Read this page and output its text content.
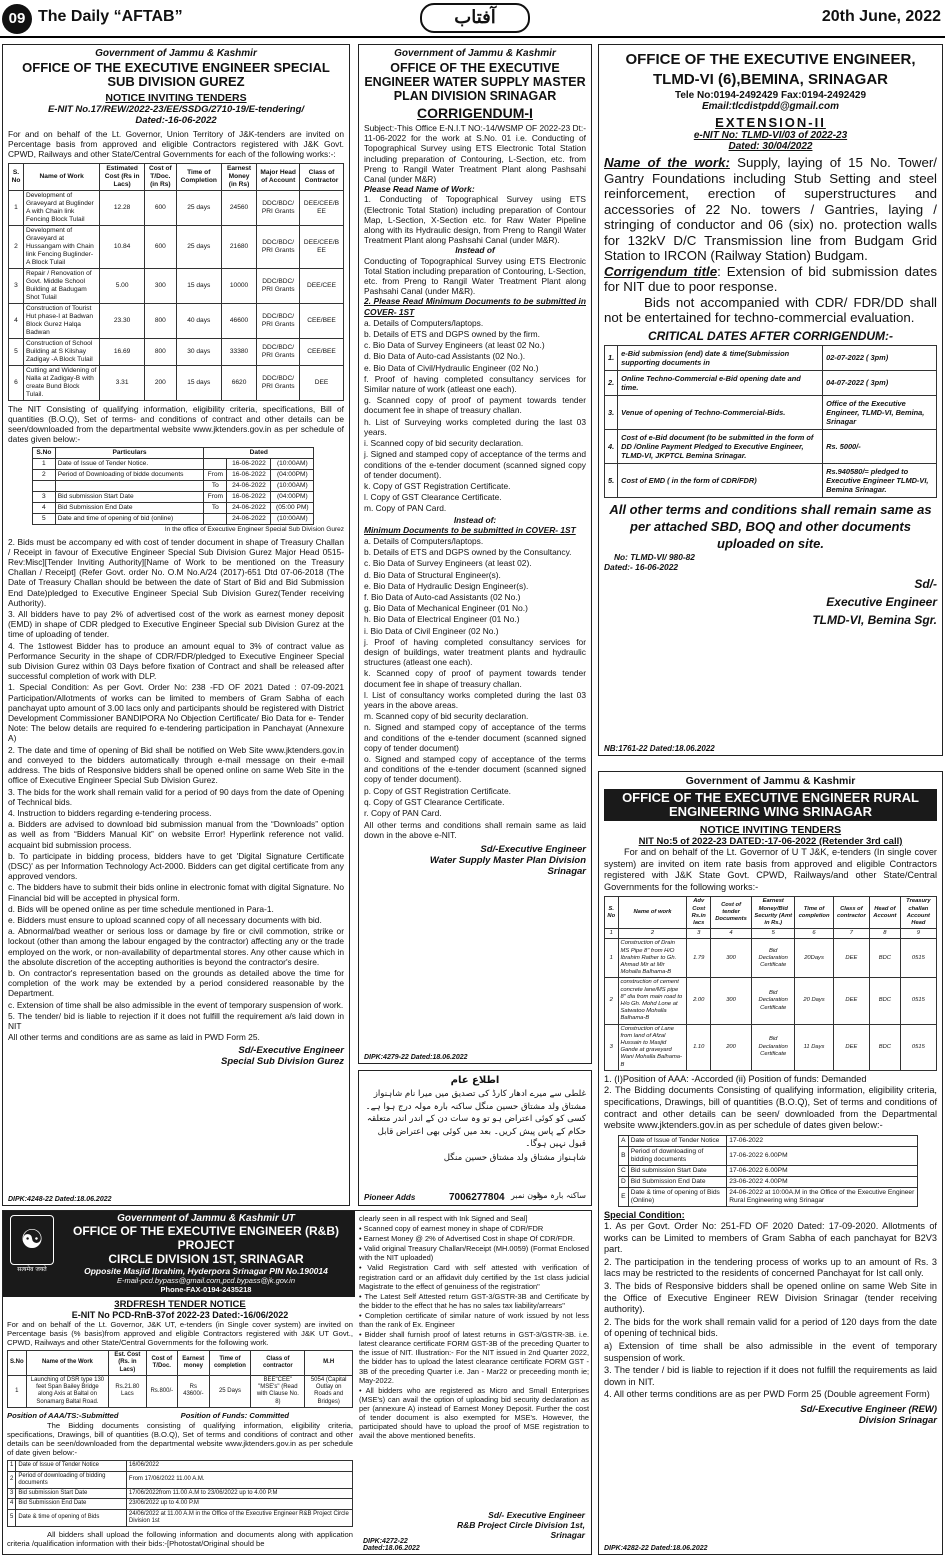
09 The Daily “AFTAB”	آفتاب	20th June, 2022
Government of Jammu & Kashmir
OFFICE OF THE EXECUTIVE ENGINEER SPECIAL SUB DIVISION GUREZ
NOTICE INVITING TENDERS
E-NIT No.17/REW/2022-23/EE/SSDG/2710-19/E-tendering/
Dated:-16-06-2022
For and on behalf of the Lt. Governor, Union Territory of J&K-tenders are invited on Percentage basis from approved and eligible Contractors registered with J&K Govt. CPWD, Railways and other State/Central Governments for each of the following works:-:
S. No	Name of Work	Estimated Cost (Rs in Lacs)	Cost of T/Doc. (in Rs)	Time of Completion	Earnest Money (in Rs)	Major Head of Account	Class of Contractor
1	Development of Graveyard at Buglinder A with Chain link Fencing Block Tulail	12.28	600	25 days	24560	DDC/BDC/ PRI Grants	DEE/CEE/B EE
2	Development of Graveyard at Hussangam with Chain link Fencing Buglinder-A Block Tulail	10.84	600	25 days	21680	DDC/BDC/ PRI Grants	DEE/CEE/B EE
3	Repair / Renovation of Govt. Middle School Building at Badugam Shot Tulail	5.00	300	15 days	10000	DDC/BDC/ PRI Grants	DEE/CEE
4	Construction of Tourist Hut phase-I at Badwan Block Gurez Halqa Badwan	23.30	800	40 days	46600	DDC/BDC/ PRI Grants	CEE/BEE
5	Construction of School Building at S Kilshay Zadigay -A Block Tulail	16.69	800	30 days	33380	DDC/BDC/ PRI Grants	CEE/BEE
6	Cutting and Widening of Nalla at Zadigay-B with create Bund Block Tulail.	3.31	200	15 days	6620	DDC/BDC/ PRI Grants	DEE
The NIT Consisting of qualifying information, eligibility criteria, specifications, Bill of quantities (B.O.Q), Set of terms- and conditions of contract and other details can be seen/downloaded from the departmental website www.jktenders.gov.in as per schedule of dates given below:-
S.No	Particulars	Dated		
1	Date of Issue of Tender Notice.		16-06-2022	(10:00AM)
2	Period of Downloading of bidde documents	From	16-06-2022	(04:00PM)
		To	24-06-2022	(10:00AM)
3	Bid submission Start Date	From	16-06-2022	(04:00PM)
4	Bid Submission End Date	To	24-06-2022	(05:00 PM)
5	Date and time of opening of bid (online)		24-06-2022	(10:00AM)
In the office of Executive Engineer Special Sub Division Gurez

2. Bids must be accompany ed with cost of tender document in shape of Treasury Challan / Receipt in favour of Executive Engineer Special Sub Division Gurez Major Head 0515-Rev:Misc][Tender Inviting Authority][Name of Work to be mentioned on the Treasury Challan / Receipt] (Refer Govt. order No. O.M No.A/24 (2017)-651 Dtd 07-06-2018 (The Date of Treasury Challan should be between the date of Start of Bid and Bid Submission End Date)pledged to Executive Engineer Special Sub Division Gurez(Tender receiving Authority).

3. All bidders have to pay 2% of advertised cost of the work as earnest money deposit (EMD) in shape of CDR pledged to Executive Engineer Special sub Division Gurez at the time of uploading of tender.

4. The 1stlowest Bidder has to produce an amount equal to 3% of contract value as Performance Security in the shape of CDR/FDR/pledged to Executive Engineer Special sub Division Gurez within 03 Days before fixation of Contract and shall be released after successful completion of work with DLP.

1. Special Condition: As per Govt. Order No: 238 -FD OF 2021 Dated : 07-09-2021 Participation/Allotments of works can be limited to members of Gram Sabha of each panchayat upto amount of 3.00 lacs only and participants should be registered with District Development Commissioner BANDIPORA No Objection Certificate/ Bio Data for e- Tender Note: The below details are required fo e-tendering participation in Panchayat (Annexure A)

2. The date and time of opening of Bid shall be notified on Web Site www.jktenders.gov.in and conveyed to the bidders automatically through e-mail message on their e-mail address. The bids of Responsive bidders shall be opened online on same Web Site in the office of Executive Engineer Special Sub Division Gurez.

3. The bids for the work shall remain valid for a period of 90 days from the date of Opening of Technical bids.

4. Instruction to bidders regarding e-tendering process.

a. Bidders are advised to download bid submission manual from the “Downloads” option as well as from “Bidders Manual Kit” on website Error! Hyperlink reference not valid. acquaint bid submission process.

b. To participate in bidding process, bidders have to get 'Digital Signature Certificate (DSC)' as per Information Technology Act-2000. Bidders can get digital certificate from any approved vendors.

c. The bidders have to submit their bids online in electronic fomat with digital Signature. No Financial bid will be accepted in physical form.

d. Bids will be opened online as per time schedule mentioned in Para-1.

e. Bidders must ensure to upload scanned copy of all necessary documents with bid.

a. Abnormal/bad weather or serious loss or damage by fire or civil commotion, strike or lockout (other than among the labour engaged by the contractor) affecting any or the trade employed on the work, or non-availability of departmental stores. Any other cause which in the absolute discretion of the accepting authorities is beyond the contractor's desire.

b. On contractor's representation based on the grounds as detailed above the time for completion of the work may be extended by a period considered reasonable by the Department.

c. Extension of time shall be also admissible in the event of temporary suspension of work.

5. The tender/ bid is liable to rejection if it does not fulfill the requirement a/s laid down in NIT

All other terms and conditions are as same as laid in PWD Form 25.

Sd/-Executive Engineer
Special Sub Division Gurez
DIPK:4248-22 Dated:18.06.2022
Government of Jammu & Kashmir
OFFICE OF THE EXECUTIVE ENGINEER WATER SUPPLY MASTER PLAN DIVISION SRINAGAR
CORRIGENDUM-I
Subject:-This Office E-N.I.T NO:-14/WSMP OF 2022-23 Dt:- 11-06-2022 for the work at S.No. 01 i.e. Conducting of Topographical Survey using ETS Electronic Total Station including preparation of Contouring, L-Section, etc. from Preng to Rangil Water Treatment Plant along Pashsahi Canal (under M&R)
Please Read Name of Work:
1. Conducting of Topographical Survey using ETS (Electronic Total Station) including preparation of Contour Map, L-Section, X-Section etc. for Raw Water Pipeline along with its Hydraulic design, from Preng to Rangil Water Treatment Plant along Pashsahi Canal (under M&R).
Instead of
Conducting of Topographical Survey using ETS Electronic Total Station including preparation of Contouring, L-Section, etc. from Preng to Rangil Water Treatment Plant along Pashsahi Canal (under M&R).
2. Please Read Minimum Documents to be submitted in COVER- 1ST

a. Details of Computers/laptops.

b. Details of ETS and DGPS owned by the firm.

c. Bio Data of Survey Engineers (at least 02 No.)

d. Bio Data of Auto-cad Assistants (02 No.).

e. Bio Data of Civil/Hydraulic Engineer (02 No.)

f. Proof of having completed consultancy services for Similar nature of work (atleast one each).

g. Scanned copy of proof of payment towards tender document fee in shape of treasury challan.

h. List of Surveying works completed during the last 03 years.

i. Scanned copy of bid security declaration.

j. Signed and stamped copy of acceptance of the terms and conditions of the e-tender document (scanned signed copy of tender document).

k. Copy of GST Registration Certificate.

l. Copy of GST Clearance Certificate.

m. Copy of PAN Card.

Instead of:
Minimum Documents to be submitted in COVER- 1ST

a. Details of Computers/laptops.

b. Details of ETS and DGPS owned by the Consultancy.

c. Bio Data of Survey Engineers (at least 02).

d. Bio Data of Structural Engineer(s).

e. Bio Data of Hydraulic Design Engineer(s).

f. Bio Data of Auto-cad Assistants (02 No.)

g. Bio Data of Mechanical Engineer (01 No.)

h. Bio Data of Electrical Engineer (01 No.)

i. Bio Data of Civil Engineer (02 No.)

j. Proof of having completed consultancy services for design of buildings, water treatment plants and hydraulic structures (atleast one each).

k. Scanned copy of proof of payment towards tender document fee in shape of treasury challan.

l. List of consultancy works completed during the last 03 years in the above areas.

m. Scanned copy of bid security declaration.

n. Signed and stamped copy of acceptance of the terms and conditions of the e-tender document (scanned signed copy of tender document)

o. Signed and stamped copy of acceptance of the terms and conditions of the e-tender document (scanned signed copy of tender document).

p. Copy of GST Registration Certificate.

q. Copy of GST Clearance Certificate.

r. Copy of PAN Card.

All other terms and conditions shall remain same as laid down in the above e-NIT.
Sd/-Executive Engineer
Water Supply Master Plan Division
Srinagar
DIPK:4279-22 Dated:18.06.2022
اطلاع عام
غلطی سے میرے ادھار کارڈ کی تصدیق میں میرا نام شاہنواز مشتاق ولد مشتاق حسین منگل ساکنہ بارہ مولہ درج ہوا ہے۔ کسی کو کوئی اعتراض ہو تو وہ سات دن کے اندر اندر متعلقہ حکام کے پاس پیش کریں۔ بعد میں کوئی بھی اعتراض قابل قبول نہیں ہوگا۔
شاہنواز مشتاق ولد مشتاق حسین منگل
Pioneer Adds	7006277804 فون نمبر
ساکنہ بارہ مولہ
OFFICE OF THE EXECUTIVE ENGINEER, TLMD-VI (6),BEMINA, SRINAGAR
Tele No:0194-2492429 Fax:0194-2492429
Email:tlcdistpdd@gmail.com
EXTENSION-II
e-NIT No: TLMD-VI/03 of 2022-23
Dated: 30/04/2022
Name of the work: Supply, laying of 15 No. Tower/ Gantry Foundations including Stub Setting and steel reinforcement, erection of superstructures and accessories of 22 No. towers / Gantries, laying / stringing of conductor and 06 (six) no. protection walls for 132kV D/C Transmission line from Budgam Grid Station to IRCON (Railway Station) Budgam.
Corrigendum title: Extension of bid submission dates for NIT due to poor response.
Bids not accompanied with CDR/ FDR/DD shall not be entertained for techno-commercial evaluation.
CRITICAL DATES AFTER CORRIGENDUM:-
1.	e-Bid submission (end) date & time(Submission supporting documents in	02-07-2022 ( 3pm)
2.	Online Techno-Commercial e-Bid opening date and time.	04-07-2022 ( 3pm)
3.	Venue of opening of Techno-Commercial-Bids.	Office of the Executive Engineer, TLMD-VI, Bemina, Srinagar
4.	Cost of e-Bid document (to be submitted in the form of DD /Online Payment Pledged to Executive Engineer, TLMD-VI, JKPTCL Bemina Srinagar.	Rs. 5000/-
5.	Cost of EMD ( in the form of CDR/FDR)	Rs.940580/= pledged to Executive Engineer TLMD-VI, Bemina Srinagar.
All other terms and conditions shall remain same as per attached SBD, BOQ and other documents uploaded on site.
No: TLMD-VI/ 980-82
Dated:- 16-06-2022
Sd/-
Executive Engineer
TLMD-VI, Bemina Sgr.
NB:1761-22 Dated:18.06.2022
Government of Jammu & Kashmir
OFFICE OF THE EXECUTIVE ENGINEER RURAL ENGINEERING WING SRINAGAR
NOTICE INVITING TENDERS
NIT No:5 of 2022-23 DATED:-17-06-2022 (Retender 3rd call)
For and on behalf of the Lt. Governor of U T J&K, e-tenders (In single cover system) are invited on item rate basis from approved and eligible Contractors registered with J&K State Govt. CPWD, Railways/and other State/Central Governments for the following works:-
S. No	Name of work	Adv Cost Rs.in lacs	Cost of tender Documents	Earnest Money/Bid Security (Amt in Rs.)	Time of completion	Class of contractor	Head of Account	Treasury challan Account Head
1	2	3	4	5	6	7	8	9
1	Construction of Drain MS Pipe 8" from H/O Ibrahim Rather to Gh. Ahmad Mir at Mir Mohalla Balhama-B	1.79	300	Bid Declaration Certificate	20Days	DEE	BDC	0515
2	construction of cement concrete lane/MS pipe 8" dia from main road to H/o Gh. Mohd Lone at Satwatoo Mohalla Balhama-B	2.00	300	Bid Declaration Certificate	20 Days	DEE	BDC	0515
3	Construction of Lane from land of Afzal Hussain to Masjid Gande at graveyard Wani Mohalla Balhama-B	1.10	200	Bid Declaration Certificate	11 Days	DEE	BDC	0515
1. (I)Position of AAA: -Accorded (ii) Position of funds: Demanded
2. The Bidding documents Consisting of qualifying information, eligibility criteria, specifications, Drawings, bill of quantities (B.O.Q), Set of terms and conditions of contract and other details can be seen/ downloaded from the Departmental website www.jktenders.gov.in as per schedule of dates given below:-
A	Date of Issue of Tender Notice	17-06-2022
B	Period of downloading of bidding documents	17-06-2022 6.00PM
C	Bid submission Start Date	17-06-2022 6.00PM
D	Bid Submission End Date	23-06-2022 4.00PM
E	Date & time of opening of Bids (Online)	24-06-2022 at 10:00A.M in the Office of the Executive Engineer Rural Engineering wing Srinagar
Special Condition:

1. As per Govt. Order No: 251-FD OF 2020 Dated: 17-09-2020. Allotments of works can be Limited to members of Gram Sabha of each panchayat for B2V3 part.

2. The participation in the tendering process of works up to an amount of Rs. 3 lacs may be restricted to the residents of concerned Panchayat for Ist call only.

3. The bids of Responsive bidders shall be opened online on same Web Site in the Office of Executive Engineer REW Division Srinagar (tender receiving authority).

2. The bids for the work shall remain valid for a period of 120 days from the date of opening of technical bids.

a) Extension of time shall be also admissible in the event of temporary suspension of work.

3. The tender / bid is liable to rejection if it does not fulfill the requirements as laid down in NIT.

4. All other terms conditions are as per PWD Form 25 (Double agreement Form)

Sd/-Executive Engineer (REW)
Division Srinagar
DIPK:4282-22 Dated:18.06.2022
☯
सत्यमेव जयते
Government of Jammu & Kashmir UT
OFFICE OF THE EXECUTIVE ENGINEER (R&B) PROJECT
CIRCLE DIVISION 1ST, SRINAGAR
Opposite Masjid Ibrahim, Hyderpora Srinagar PIN No.190014
E-mail-pcd.bypass@gmail.com,pcd.bypass@jk.gov.in
Phone-FAX-0194-2435218
3RDFRESH TENDER NOTICE
E-NIT No PCD-RnB-37of 2022-23 Dated:-16/06/2022
For and on behalf of the Lt. Governor, J&K UT, e-tenders (in Single cover system) are invited on Percentage basis (% basis)from approved and eligible Contractors registered with J&K UT Govt., CPWD, Railways and other State/Central Governments for the following work.
S.No	Name of the Work	Est. Cost (Rs. in Lacs)	Cost of T/Doc.	Earnest money	Time of completion	Class of contractor	M.H
1	Launching of DSR type 130 feet Span Bailey Bridge along Axis at Baltal on Sonamarg Baltal Road.	Rs.21.80 Lacs	Rs.800/-	Rs 43600/-	25 Days	BEE"CEE" "MSE's" (Read with Clause No. 8)	5054 (Capital Outlay on Roads and Bridges)
Position of AAA/TS:-Submitted	Position of Funds: Committed
The Bidding documents consisting of qualifying information, eligibility criteria, specifications, Drawings, bill of quantities (B.O.Q), Set of terms and conditions of contract and other details can be seen/downloaded from the departmental website www.jktenders.gov.in as per schedule of date given below:-
1	Date of Issue of Tender Notice	16/06/2022
2	Period of downloading of bidding documents	From 17/06/2022 11.00 A.M.
3	Bid submission Start Date	17/06/2022from 11.00 A.M to 23/06/2022 up to 4.00 P.M
4	Bid Submission End Date	23/06/2022 up to 4.00 P.M
5	Date & time of opening of Bids	24/06/2022 at 11.00 A.M in the Office of the Executive Engineer R&B Project Circle Division 1st
All bidders shall upload the following information and documents along with application criteria /qualification information with their bids:-[Photostat/Original should be

clearly seen in all respect with Ink Signed and Seal]

• Scanned copy of earnest money in shape of CDR/FDR

• Earnest Money @ 2% of Advertised Cost in shape Of CDR/FDR.

• Valid original Treasury Challan/Receipt (MH.0059) (Format Enclosed with the NIT uploaded)

• Valid Registration Card with self attested with verification of registration card or an affidavit duly certified by the 1st class judicial Magistrate to the effect of genuiness of the registration"

• The Latest Self Attested return GST-3/GSTR-3B and Certificate by the bidder to the effect that he has no sales tax liability/arrears"

• Completion certificate of similar nature of work issued by not less than the rank of Ex. Engineer

• Bidder shall furnish proof of latest returns in GST-3/GSTR-3B. i.e. latest clearance certificate FORM GST-3B of the preceding Quarter to the issue of NIT. Illustration:- For the NIT issued in 2nd Quarter 2022, the bidder has to upload the latest clearance certificate FORM GST - 3B of the preceding Quarter i.e. Jan - Mar22 or preceeding month ie; May-2022.

• All bidders who are registered as Micro and Small Enterprises (MSE's) can avail the option of uploading bid security declaration as per (annexure A) instead of Earnest Money Deposit. Further the cost of tender document is also exempted for MSE's. However, the participated should have to upload the proof of MSE registration to avail the above mentioned benefits.

Sd/- Executive Engineer
R&B Project Circle Division 1st,
Srinagar
DIPK:4272-22 Dated:18.06.2022
